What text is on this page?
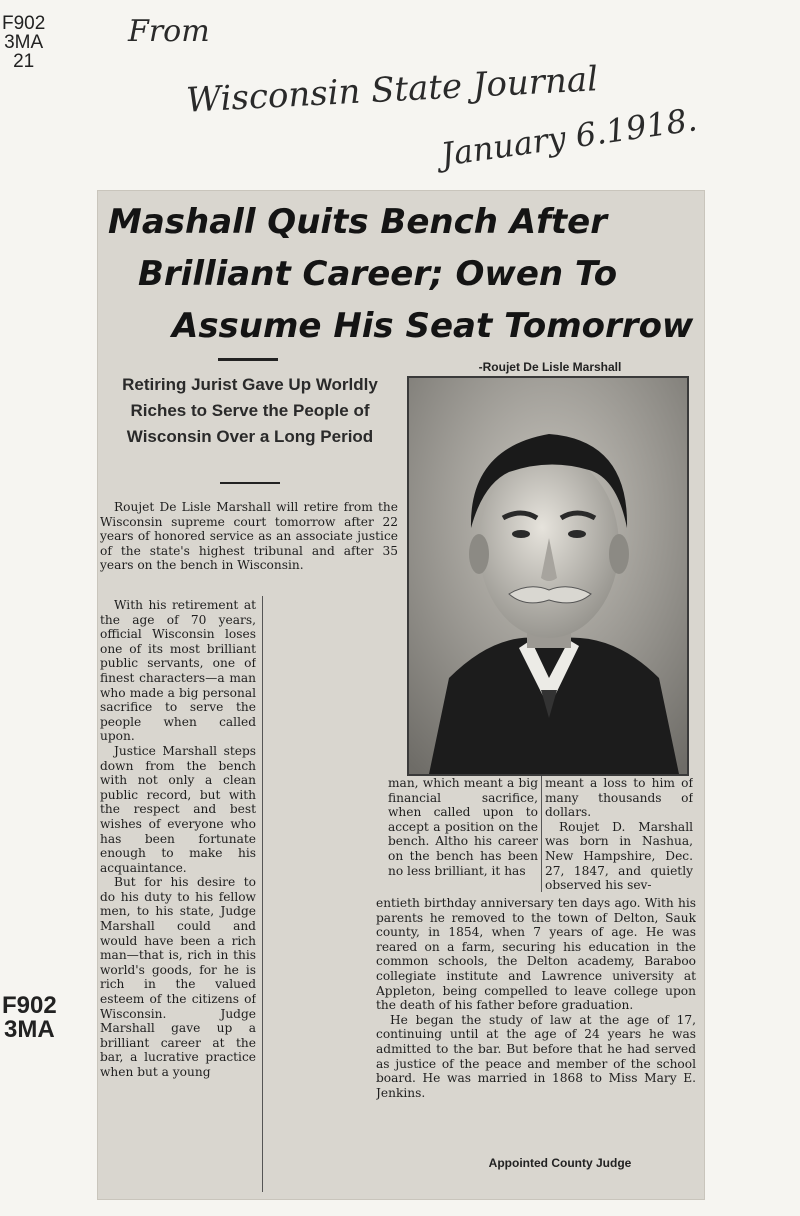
F902
3MA
21
From
Wisconsin State Journal
January 6.1918.
F902
3MA
Mashall Quits Bench After
Brilliant Career; Owen To
Assume His Seat Tomorrow
Retiring Jurist Gave Up Worldly Riches to Serve the People of Wisconsin Over a Long Period
-Roujet De Lisle Marshall

Roujet De Lisle Marshall will retire from the Wisconsin supreme court tomorrow after 22 years of honored service as an associate justice of the state's highest tribunal and after 35 years on the bench in Wisconsin.

With his retirement at the age of 70 years, official Wisconsin loses one of its most brilliant public servants, one of finest characters—a man who made a big personal sacrifice to serve the people when called upon.

Justice Marshall steps down from the bench with not only a clean public record, but with the respect and best wishes of everyone who has been fortunate enough to make his acquaintance.

But for his desire to do his duty to his fellow men, to his state, Judge Marshall could and would have been a rich man—that is, rich in this world's goods, for he is rich in the valued esteem of the citizens of Wisconsin. Judge Marshall gave up a brilliant career at the bar, a lucrative practice when but a young

man, which meant a big financial sacrifice, when called upon to accept a position on the bench. Altho his career on the bench has been no less brilliant, it has

meant a loss to him of many thousands of dollars.

Roujet D. Marshall was born in Nashua, New Hampshire, Dec. 27, 1847, and quietly observed his sev-

entieth birthday anniversary ten days ago. With his parents he removed to the town of Delton, Sauk county, in 1854, when 7 years of age. He was reared on a farm, securing his education in the common schools, the Delton academy, Baraboo collegiate institute and Lawrence university at Appleton, being compelled to leave college upon the death of his father before graduation.

He began the study of law at the age of 17, continuing until at the age of 24 years he was admitted to the bar. But before that he had served as justice of the peace and member of the school board. He was married in 1868 to Miss Mary E. Jenkins.

Appointed County Judge
